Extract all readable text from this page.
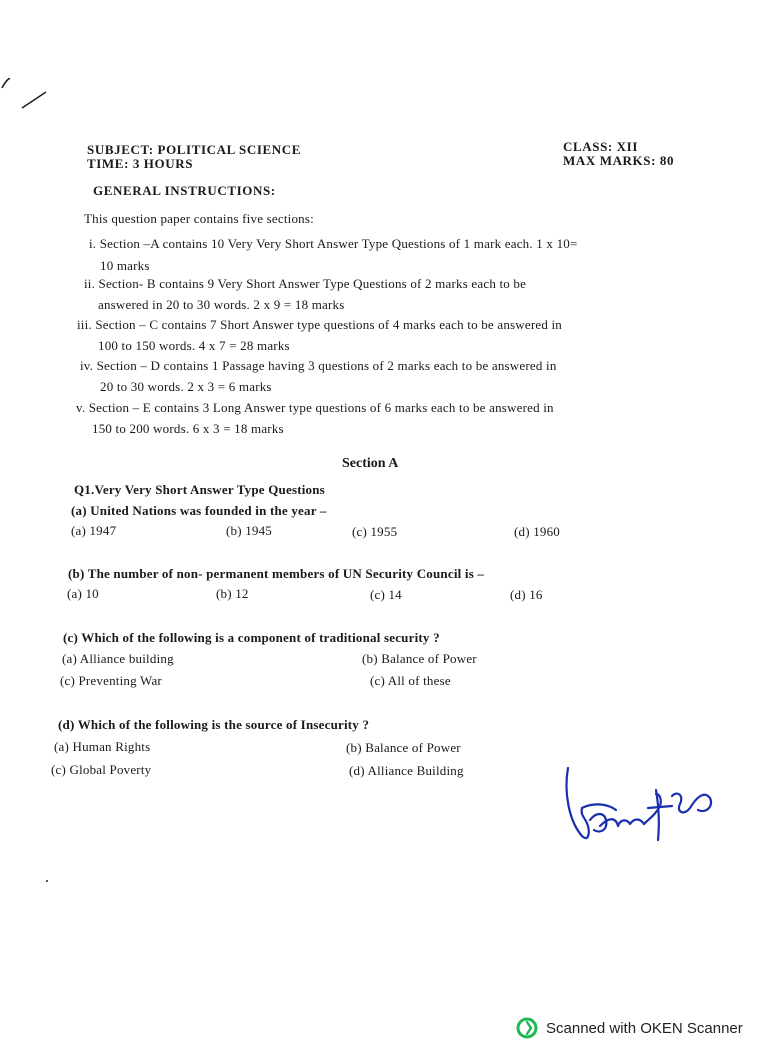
SUBJECT: POLITICAL SCIENCE
TIME: 3 HOURS
CLASS: XII
MAX MARKS: 80
GENERAL INSTRUCTIONS:
This question paper contains five sections:
i. Section –A contains 10 Very Very Short Answer Type Questions of 1 mark each. 1 x 10=
10 marks
ii. Section- B contains 9 Very Short Answer Type Questions of 2 marks each to be
answered in 20 to 30 words. 2 x 9 = 18 marks
iii. Section – C contains 7 Short Answer type questions of 4 marks each to be answered in
100 to 150 words. 4 x 7 = 28 marks
iv. Section – D contains 1 Passage having 3 questions of 2 marks each to be answered in
20 to 30 words. 2 x 3 = 6 marks
v. Section – E contains 3 Long Answer type questions of 6 marks each to be answered in
150 to 200 words. 6 x 3 = 18 marks
Section A
Q1.Very Very Short Answer Type Questions
(a) United Nations was founded in the year –
(a) 1947	(b) 1945	(c) 1955	(d) 1960
(b) The number of non- permanent members of UN Security Council is –
(a) 10	(b) 12	(c) 14	(d) 16
(c) Which of the following is a component of traditional security ?
(a) Alliance building	(b) Balance of Power
(c) Preventing War	(c) All of these
(d) Which of the following is the source of Insecurity ?
(a) Human Rights	(b) Balance of Power
(c) Global Poverty	(d) Alliance Building
Scanned with OKEN Scanner
